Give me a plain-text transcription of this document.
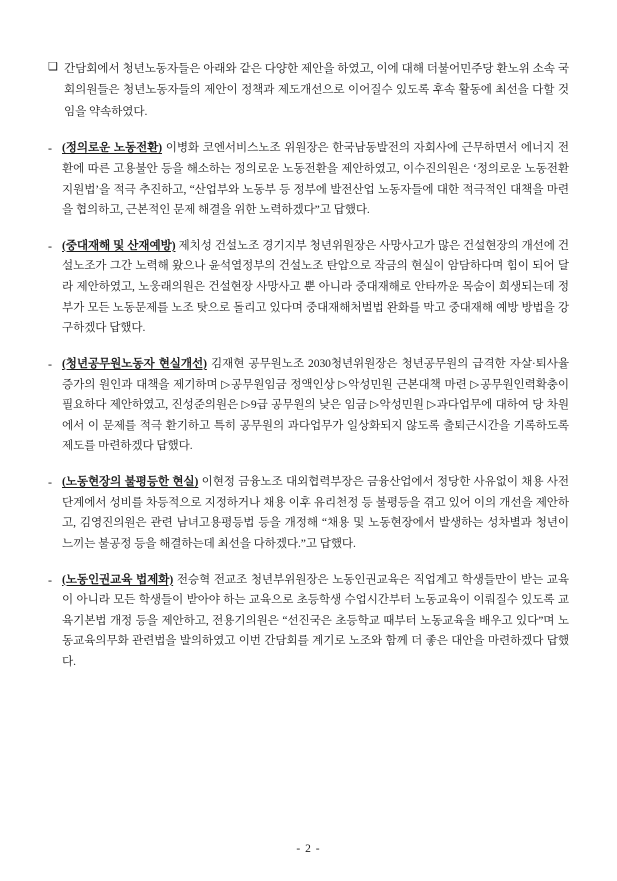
❑ 간담회에서 청년노동자들은 아래와 같은 다양한 제안을 하였고, 이에 대해 더불어민주당 환노위 소속 국회의원들은 청년노동자들의 제안이 정책과 제도개선으로 이어질수 있도록 후속 활동에 최선을 다할 것임을 약속하였다.
- (정의로운 노동전환) 이병화 코엔서비스노조 위원장은 한국남동발전의 자회사에 근무하면서 에너지 전환에 따른 고용불안 등을 해소하는 정의로운 노동전환을 제안하였고, 이수진의원은 ‘정의로운 노동전환지원법’을 적극 추진하고, “산업부와 노동부 등 정부에 발전산업 노동자들에 대한 적극적인 대책을 마련을 협의하고, 근본적인 문제 해결을 위한 노력하겠다”고 답했다.
- (중대재해 및 산재예방) 제치성 건설노조 경기지부 청년위원장은 사망사고가 많은 건설현장의 개선에 건설노조가 그간 노력해 왔으나 윤석열정부의 건설노조 탄압으로 작금의 현실이 암담하다며 힘이 되어 달라 제안하였고, 노웅래의원은 건설현장 사망사고 뿐 아니라 중대재해로 안타까운 목숨이 희생되는데 정부가 모든 노동문제를 노조 탓으로 돌리고 있다며 중대재해처벌법 완화를 막고 중대재해 예방 방법을 강구하겠다 답했다.
- (청년공무원노동자 현실개선) 김재현 공무원노조 2030청년위원장은 청년공무원의 급격한 자살·퇴사율증가의 원인과 대책을 제기하며 ▷공무원임금 정액인상 ▷악성민원 근본대책 마련 ▷공무원인력확충이 필요하다 제안하였고, 진성준의원은 ▷9급 공무원의 낮은 임금 ▷악성민원 ▷과다업무에 대하여 당 차원에서 이 문제를 적극 환기하고 특히 공무원의 과다업무가 일상화되지 않도록 출퇴근시간을 기록하도록 제도를 마련하겠다 답했다.
- (노동현장의 불평등한 현실) 이현정 금융노조 대외협력부장은 금융산업에서 정당한 사유없이 채용 사전단계에서 성비를 차등적으로 지정하거나 채용 이후 유리천정 등 불평등을 겪고 있어 이의 개선을 제안하고, 김영진의원은 관련 남녀고용평등법 등을 개정해 “채용 및 노동현장에서 발생하는 성차별과 청년이 느끼는 불공정 등을 해결하는데 최선을 다하겠다.”고 답했다.
- (노동인권교육 법제화) 전승혁 전교조 청년부위원장은 노동인권교육은 직업계고 학생들만이 받는 교육이 아니라 모든 학생들이 받아야 하는 교육으로 초등학생 수업시간부터 노동교육이 이뤄질수 있도록 교육기본법 개정 등을 제안하고, 전용기의원은 “선진국은 초등학교 때부터 노동교육을 배우고 있다”며 노동교육의무화 관련법을 발의하였고 이번 간담회를 계기로 노조와 함께 더 좋은 대안을 마련하겠다 답했다.
- 2 -
